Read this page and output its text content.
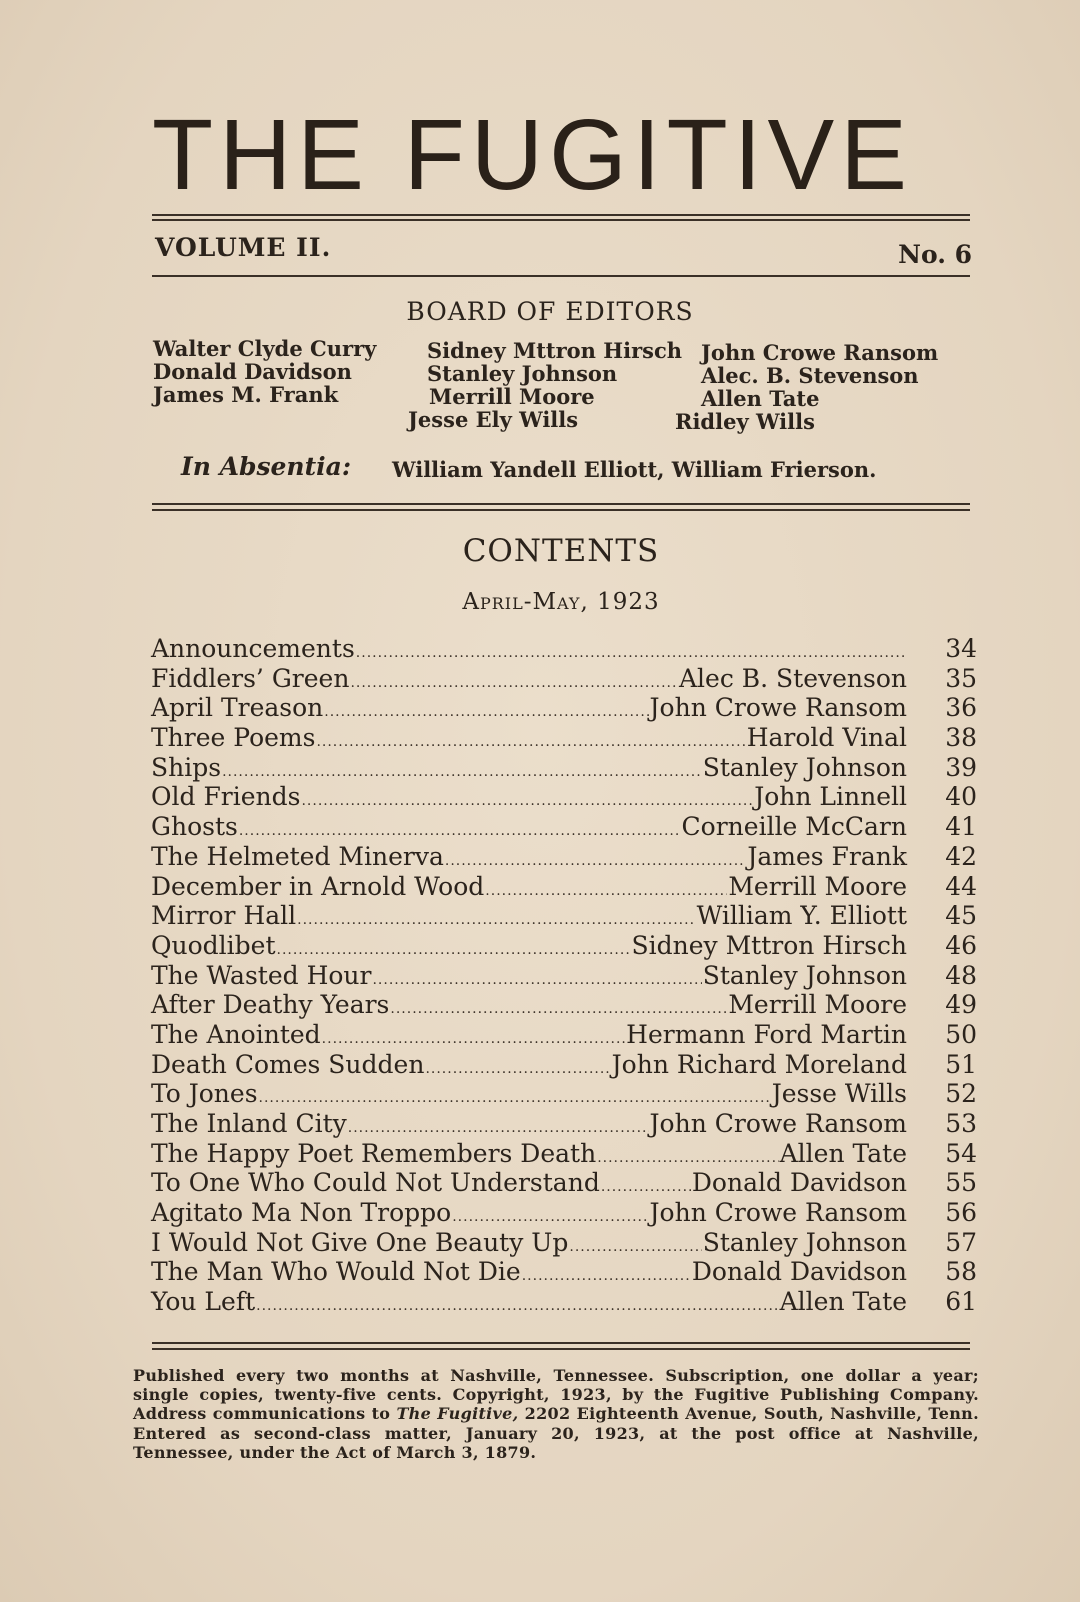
THE FUGITIVE
VOLUME II.	No. 6
BOARD OF EDITORS
Walter Clyde Curry
Donald Davidson
James M. Frank
Sidney Mttron Hirsch
Stanley Johnson
Merrill Moore
Jesse Ely Wills
John Crowe Ransom
Alec. B. Stevenson
Allen Tate
Ridley Wills
In Absentia: William Yandell Elliott, William Frierson.
CONTENTS
April-May, 1923
Announcements .....	34
Fiddlers’ Green .....	Alec B. Stevenson	35
April Treason .....	John Crowe Ransom	36
Three Poems .....	Harold Vinal	38
Ships .....	Stanley Johnson	39
Old Friends .....	John Linnell	40
Ghosts .....	Corneille McCarn	41
The Helmeted Minerva .....	James Frank	42
December in Arnold Wood .....	Merrill Moore	44
Mirror Hall .....	William Y. Elliott	45
Quodlibet .....	Sidney Mttron Hirsch	46
The Wasted Hour .....	Stanley Johnson	48
After Deathy Years .....	Merrill Moore	49
The Anointed .....	Hermann Ford Martin	50
Death Comes Sudden .....	John Richard Moreland	51
To Jones .....	Jesse Wills	52
The Inland City .....	John Crowe Ransom	53
The Happy Poet Remembers Death .....	Allen Tate	54
To One Who Could Not Understand .....	Donald Davidson	55
Agitato Ma Non Troppo .....	John Crowe Ransom	56
I Would Not Give One Beauty Up .....	Stanley Johnson	57
The Man Who Would Not Die .....	Donald Davidson	58
You Left .....	Allen Tate	61
Published every two months at Nashville, Tennessee. Subscription, one dollar a year; single copies, twenty-five cents. Copyright, 1923, by the Fugitive Publishing Company. Address communications to The Fugitive, 2202 Eighteenth Avenue, South, Nashville, Tenn. Entered as second-class matter, January 20, 1923, at the post office at Nashville, Tennessee, under the Act of March 3, 1879.
